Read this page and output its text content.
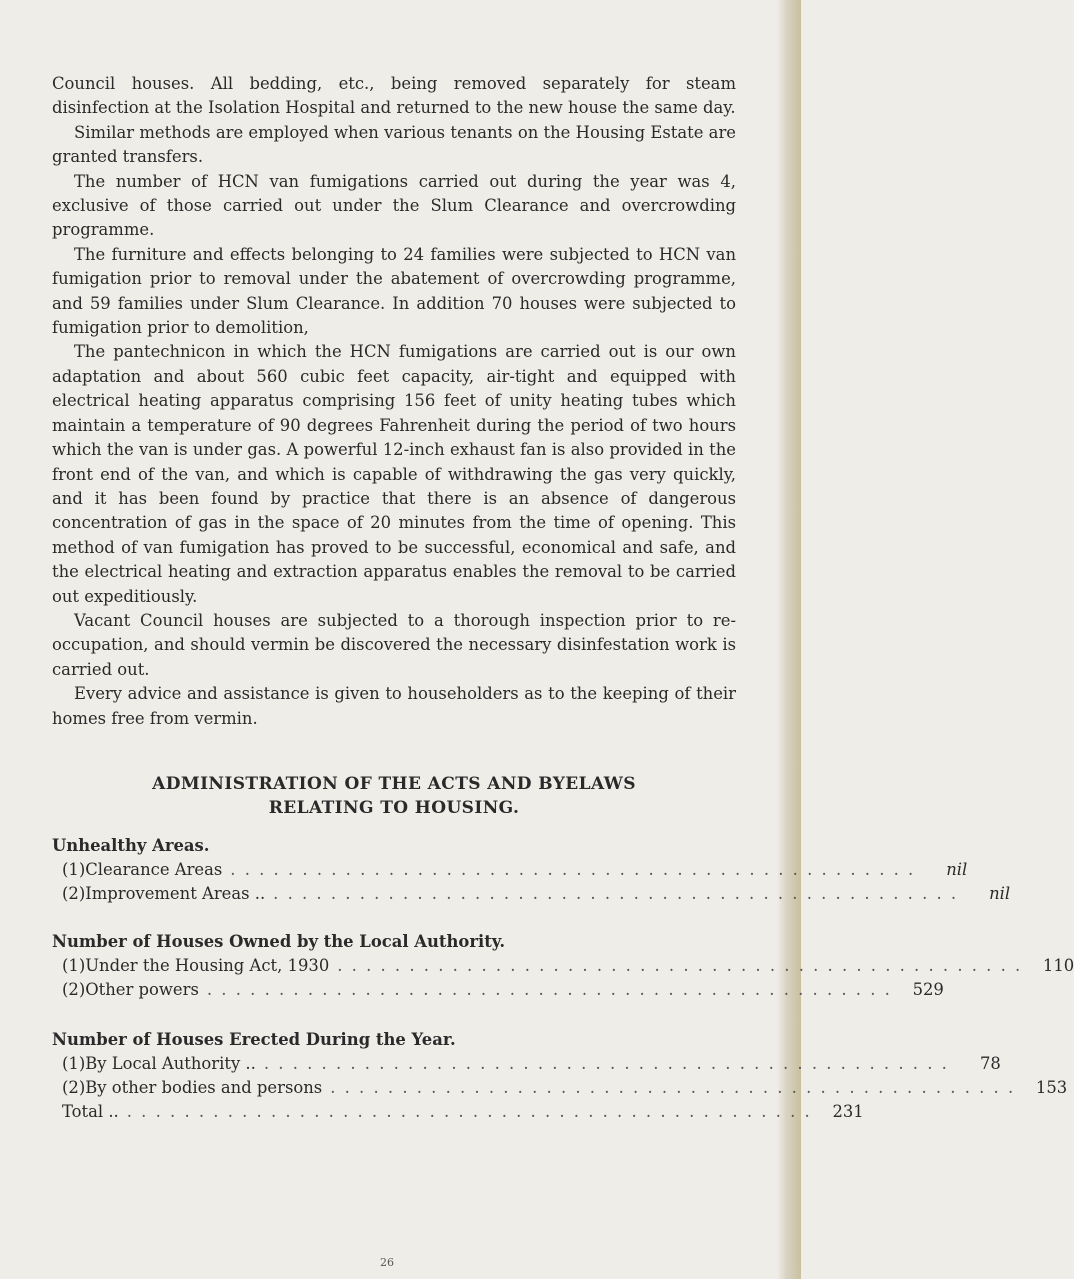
Council houses. All bedding, etc., being removed separately for steam disinfection at the Isolation Hospital and returned to the new house the same day.

Similar methods are employed when various tenants on the Housing Estate are granted transfers.

The number of HCN van fumigations carried out during the year was 4, exclusive of those carried out under the Slum Clearance and overcrowding programme.

The furniture and effects belonging to 24 families were subjected to HCN van fumigation prior to removal under the abatement of overcrowding programme, and 59 families under Slum Clearance. In addition 70 houses were subjected to fumigation prior to demolition,

The pantechnicon in which the HCN fumigations are carried out is our own adaptation and about 560 cubic feet capacity, air-tight and equipped with electrical heating apparatus comprising 156 feet of unity heating tubes which maintain a temperature of 90 degrees Fahrenheit during the period of two hours which the van is under gas. A powerful 12-inch exhaust fan is also provided in the front end of the van, and which is capable of withdrawing the gas very quickly, and it has been found by practice that there is an absence of dangerous concentration of gas in the space of 20 minutes from the time of opening. This method of van fumigation has proved to be successful, economical and safe, and the electrical heating and extraction apparatus enables the removal to be carried out expeditiously.

Vacant Council houses are subjected to a thorough inspection prior to re-occupation, and should vermin be discovered the necessary disinfestation work is carried out.

Every advice and assistance is given to householders as to the keeping of their homes free from vermin.

ADMINISTRATION OF THE ACTS AND BYELAWS
RELATING TO HOUSING.
Unhealthy Areas.
(1) Clearance Areas . . . . . . . . . . . . . . . . . . . . . . . . . . . . . . . . . . . . . . . . . . . . . . . .	nil
(2) Improvement Areas .. . . . . . . . . . . . . . . . . . . . . . . . . . . . . . . . . . . . . . . . . . . . . . . . .	nil
Number of Houses Owned by the Local Authority.
(1) Under the Housing Act, 1930 . . . . . . . . . . . . . . . . . . . . . . . . . . . . . . . . . . . . . . . . . . . . . . . .	110
(2) Other powers . . . . . . . . . . . . . . . . . . . . . . . . . . . . . . . . . . . . . . . . . . . . . . . .	529
Number of Houses Erected During the Year.
(1) By Local Authority .. . . . . . . . . . . . . . . . . . . . . . . . . . . . . . . . . . . . . . . . . . . . . . . . .	78
(2) By other bodies and persons . . . . . . . . . . . . . . . . . . . . . . . . . . . . . . . . . . . . . . . . . . . . . . . .	153
Total .. . . . . . . . . . . . . . . . . . . . . . . . . . . . . . . . . . . . . . . . . . . . . . . . .	231
26
